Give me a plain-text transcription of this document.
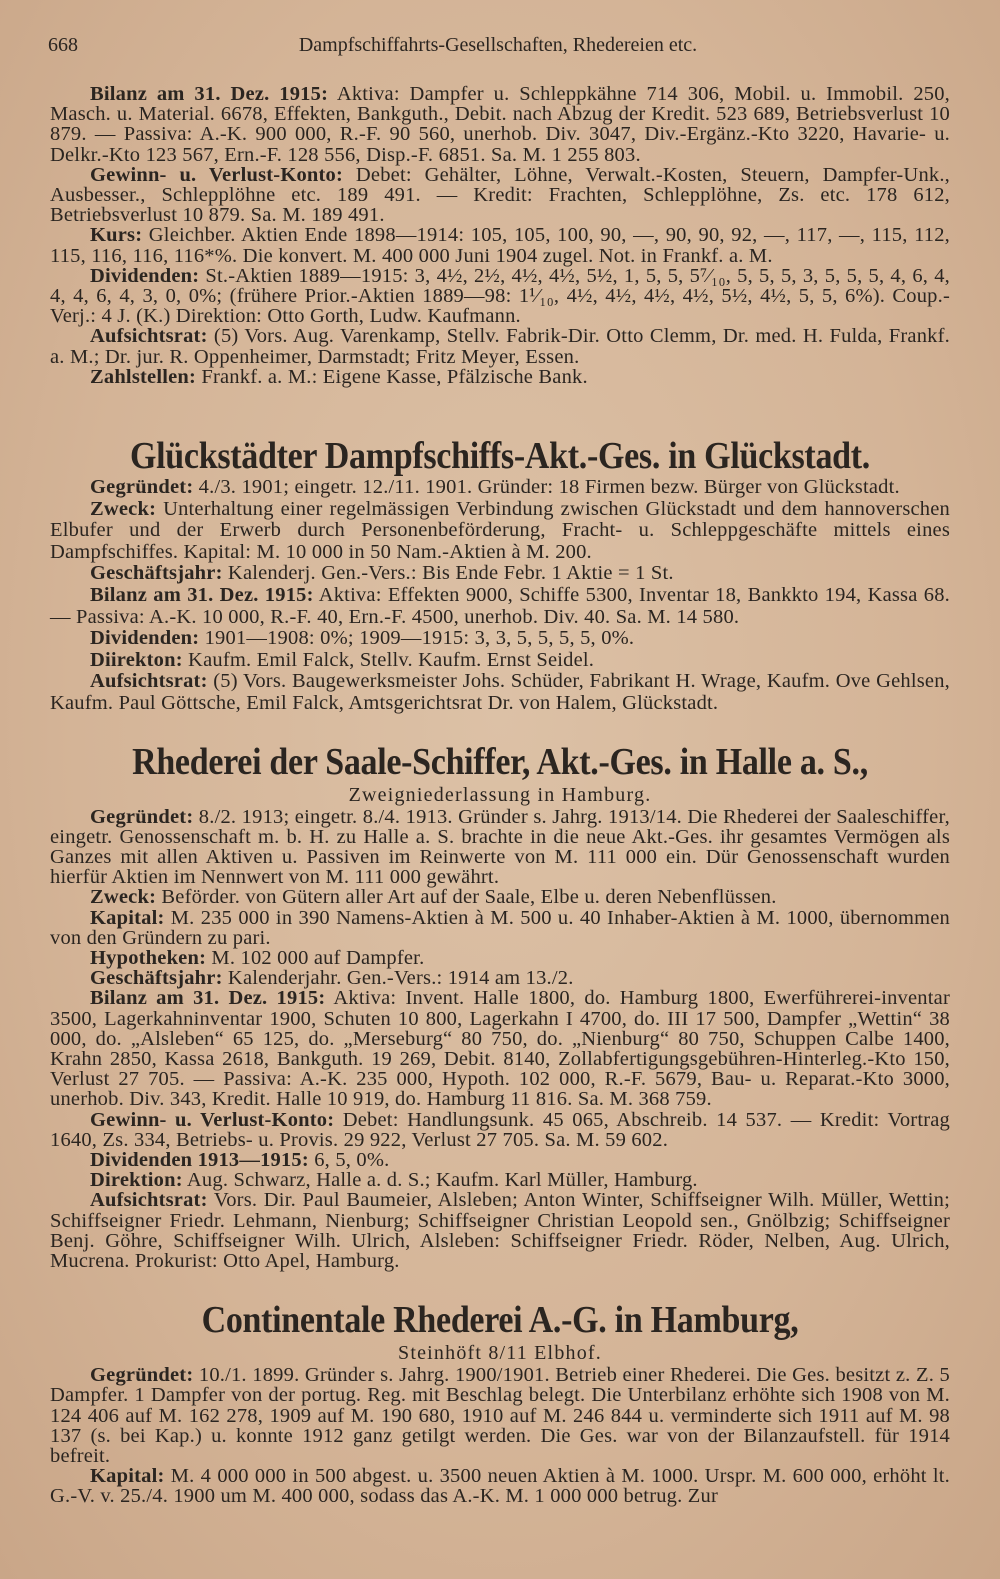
668	Dampfschiffahrts-Gesellschaften, Rhedereien etc.

Bilanz am 31. Dez. 1915: Aktiva: Dampfer u. Schleppkähne 714 306, Mobil. u. Immobil. 250, Masch. u. Material. 6678, Effekten, Bankguth., Debit. nach Abzug der Kredit. 523 689, Betriebsverlust 10 879. — Passiva: A.-K. 900 000, R.-F. 90 560, unerhob. Div. 3047, Div.-Ergänz.-Kto 3220, Havarie- u. Delkr.-Kto 123 567, Ern.-F. 128 556, Disp.-F. 6851. Sa. M. 1 255 803.

Gewinn- u. Verlust-Konto: Debet: Gehälter, Löhne, Verwalt.-Kosten, Steuern, Dampfer-Unk., Ausbesser., Schlepplöhne etc. 189 491. — Kredit: Frachten, Schlepplöhne, Zs. etc. 178 612, Betriebsverlust 10 879. Sa. M. 189 491.

Kurs: Gleichber. Aktien Ende 1898—1914: 105, 105, 100, 90, —, 90, 90, 92, —, 117, —, 115, 112, 115, 116, 116, 116*%. Die konvert. M. 400 000 Juni 1904 zugel. Not. in Frankf. a. M.

Dividenden: St.-Aktien 1889—1915: 3, 4½, 2½, 4½, 4½, 5½, 1, 5, 5, 5⁷⁄₁₀, 5, 5, 5, 3, 5, 5, 5, 4, 6, 4, 4, 4, 6, 4, 3, 0, 0%; (frühere Prior.-Aktien 1889—98: 1¹⁄₁₀, 4½, 4½, 4½, 4½, 5½, 4½, 5, 5, 6%). Coup.-Verj.: 4 J. (K.) Direktion: Otto Gorth, Ludw. Kaufmann.

Aufsichtsrat: (5) Vors. Aug. Varenkamp, Stellv. Fabrik-Dir. Otto Clemm, Dr. med. H. Fulda, Frankf. a. M.; Dr. jur. R. Oppenheimer, Darmstadt; Fritz Meyer, Essen.

Zahlstellen: Frankf. a. M.: Eigene Kasse, Pfälzische Bank.

Glückstädter Dampfschiffs-Akt.-Ges. in Glückstadt.

Gegründet: 4./3. 1901; eingetr. 12./11. 1901. Gründer: 18 Firmen bezw. Bürger von Glückstadt.

Zweck: Unterhaltung einer regelmässigen Verbindung zwischen Glückstadt und dem hannoverschen Elbufer und der Erwerb durch Personenbeförderung, Fracht- u. Schleppgeschäfte mittels eines Dampfschiffes. Kapital: M. 10 000 in 50 Nam.-Aktien à M. 200.

Geschäftsjahr: Kalenderj. Gen.-Vers.: Bis Ende Febr. 1 Aktie = 1 St.

Bilanz am 31. Dez. 1915: Aktiva: Effekten 9000, Schiffe 5300, Inventar 18, Bankkto 194, Kassa 68. — Passiva: A.-K. 10 000, R.-F. 40, Ern.-F. 4500, unerhob. Div. 40. Sa. M. 14 580.

Dividenden: 1901—1908: 0%; 1909—1915: 3, 3, 5, 5, 5, 5, 0%.

Diirekton: Kaufm. Emil Falck, Stellv. Kaufm. Ernst Seidel.

Aufsichtsrat: (5) Vors. Baugewerksmeister Johs. Schüder, Fabrikant H. Wrage, Kaufm. Ove Gehlsen, Kaufm. Paul Göttsche, Emil Falck, Amtsgerichtsrat Dr. von Halem, Glückstadt.

Rhederei der Saale-Schiffer, Akt.-Ges. in Halle a. S.,
Zweigniederlassung in Hamburg.

Gegründet: 8./2. 1913; eingetr. 8./4. 1913. Gründer s. Jahrg. 1913/14. Die Rhederei der Saaleschiffer, eingetr. Genossenschaft m. b. H. zu Halle a. S. brachte in die neue Akt.-Ges. ihr gesamtes Vermögen als Ganzes mit allen Aktiven u. Passiven im Reinwerte von M. 111 000 ein. Dür Genossenschaft wurden hierfür Aktien im Nennwert von M. 111 000 gewährt.

Zweck: Beförder. von Gütern aller Art auf der Saale, Elbe u. deren Nebenflüssen.

Kapital: M. 235 000 in 390 Namens-Aktien à M. 500 u. 40 Inhaber-Aktien à M. 1000, übernommen von den Gründern zu pari.

Hypotheken: M. 102 000 auf Dampfer.

Geschäftsjahr: Kalenderjahr. Gen.-Vers.: 1914 am 13./2.

Bilanz am 31. Dez. 1915: Aktiva: Invent. Halle 1800, do. Hamburg 1800, Ewerführerei-inventar 3500, Lagerkahninventar 1900, Schuten 10 800, Lagerkahn I 4700, do. III 17 500, Dampfer „Wettin“ 38 000, do. „Alsleben“ 65 125, do. „Merseburg“ 80 750, do. „Nienburg“ 80 750, Schuppen Calbe 1400, Krahn 2850, Kassa 2618, Bankguth. 19 269, Debit. 8140, Zollabfertigungsgebühren-Hinterleg.-Kto 150, Verlust 27 705. — Passiva: A.-K. 235 000, Hypoth. 102 000, R.-F. 5679, Bau- u. Reparat.-Kto 3000, unerhob. Div. 343, Kredit. Halle 10 919, do. Hamburg 11 816. Sa. M. 368 759.

Gewinn- u. Verlust-Konto: Debet: Handlungsunk. 45 065, Abschreib. 14 537. — Kredit: Vortrag 1640, Zs. 334, Betriebs- u. Provis. 29 922, Verlust 27 705. Sa. M. 59 602.

Dividenden 1913—1915: 6, 5, 0%.

Direktion: Aug. Schwarz, Halle a. d. S.; Kaufm. Karl Müller, Hamburg.

Aufsichtsrat: Vors. Dir. Paul Baumeier, Alsleben; Anton Winter, Schiffseigner Wilh. Müller, Wettin; Schiffseigner Friedr. Lehmann, Nienburg; Schiffseigner Christian Leopold sen., Gnölbzig; Schiffseigner Benj. Göhre, Schiffseigner Wilh. Ulrich, Alsleben: Schiffseigner Friedr. Röder, Nelben, Aug. Ulrich, Mucrena. Prokurist: Otto Apel, Hamburg.

Continentale Rhederei A.-G. in Hamburg,
Steinhöft 8/11 Elbhof.

Gegründet: 10./1. 1899. Gründer s. Jahrg. 1900/1901. Betrieb einer Rhederei. Die Ges. besitzt z. Z. 5 Dampfer. 1 Dampfer von der portug. Reg. mit Beschlag belegt. Die Unterbilanz erhöhte sich 1908 von M. 124 406 auf M. 162 278, 1909 auf M. 190 680, 1910 auf M. 246 844 u. verminderte sich 1911 auf M. 98 137 (s. bei Kap.) u. konnte 1912 ganz getilgt werden. Die Ges. war von der Bilanzaufstell. für 1914 befreit.

Kapital: M. 4 000 000 in 500 abgest. u. 3500 neuen Aktien à M. 1000. Urspr. M. 600 000, erhöht lt. G.-V. v. 25./4. 1900 um M. 400 000, sodass das A.-K. M. 1 000 000 betrug. Zur
